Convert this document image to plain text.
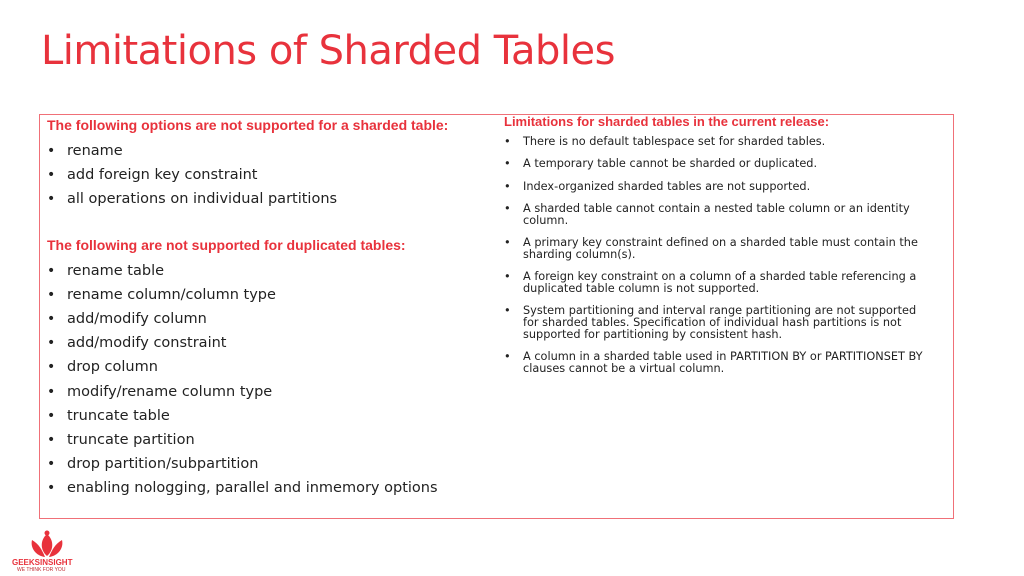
Limitations of Sharded Tables
The following options are not supported for a sharded table:
• rename
• add foreign key constraint
• all operations on individual partitions
The following are not supported for duplicated tables:
• rename table
• rename column/column type
• add/modify column
• add/modify constraint
• drop column
• modify/rename column type
• truncate table
• truncate partition
• drop partition/subpartition
• enabling nologging, parallel and inmemory options
Limitations for sharded tables in the current release:
• There is no default tablespace set for sharded tables.
• A temporary table cannot be sharded or duplicated.
• Index-organized sharded tables are not supported.
• A sharded table cannot contain a nested table column or an identity column.
• A primary key constraint defined on a sharded table must contain the sharding column(s).
• A foreign key constraint on a column of a sharded table referencing a duplicated table column is not supported.
• System partitioning and interval range partitioning are not supported for sharded tables. Specification of individual hash partitions is not supported for partitioning by consistent hash.
• A column in a sharded table used in PARTITION BY or PARTITIONSET BY clauses cannot be a virtual column.
GEEKSINSIGHT
WE THINK FOR YOU
